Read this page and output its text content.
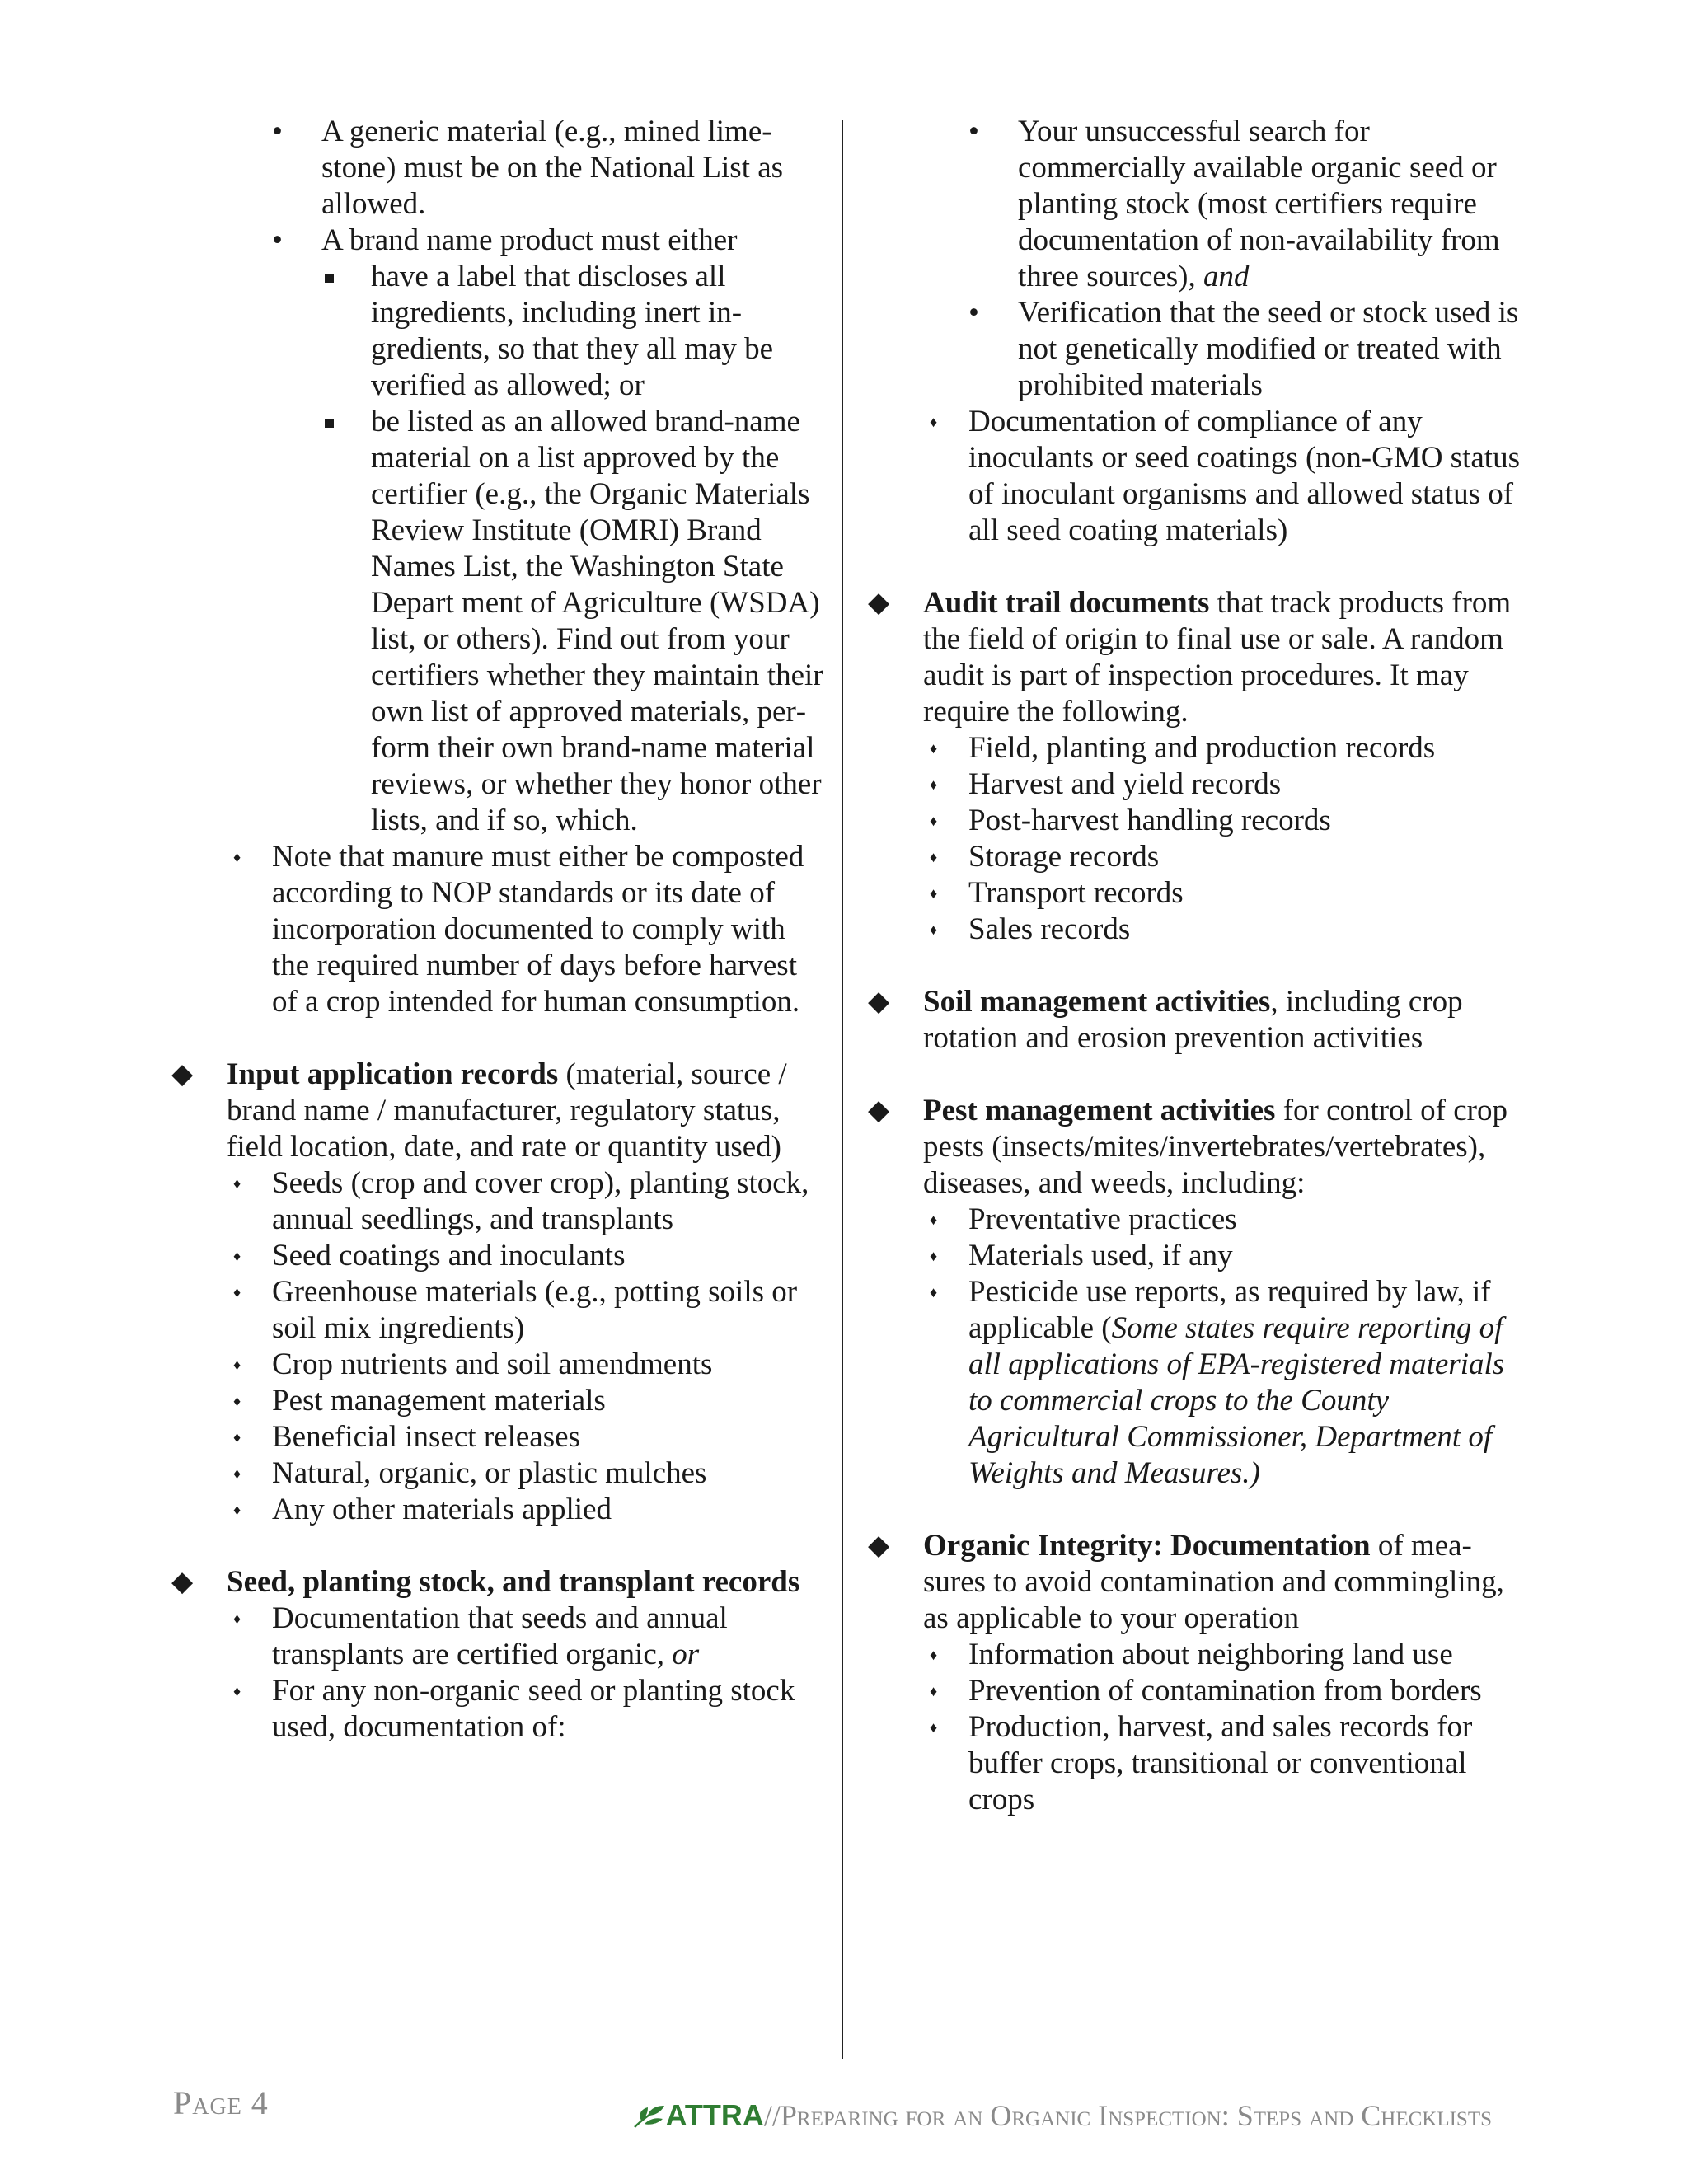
• A generic material (e.g., mined limestone) must be on the National List as allowed.
• A brand name product must either
have a label that discloses all ingredients, including inert ingredients, so that they all may be verified as allowed; or
be listed as an allowed brand-name material on a list approved by the certifier (e.g., the Organic Materials Review Institute (OMRI) Brand Names List, the Washington State Depart ment of Agriculture (WSDA) list, or others). Find out from your certifiers whether they maintain their own list of approved materials, perform their own brand-name material reviews, or whether they honor other lists, and if so, which.
♦ Note that manure must either be composted according to NOP standards or its date of incorporation documented to comply with the required number of days before harvest of a crop intended for human consumption.
◆ Input application records (material, source / brand name / manufacturer, regulatory status, field location, date, and rate or quantity used)
♦ Seeds (crop and cover crop), planting stock, annual seedlings, and transplants
♦ Seed coatings and inoculants
♦ Greenhouse materials (e.g., potting soils or soil mix ingredients)
♦ Crop nutrients and soil amendments
♦ Pest management materials
♦ Beneficial insect releases
♦ Natural, organic, or plastic mulches
♦ Any other materials applied
◆ Seed, planting stock, and transplant records
♦ Documentation that seeds and annual transplants are certified organic, or
♦ For any non-organic seed or planting stock used, documentation of:
• Your unsuccessful search for commercially available organic seed or planting stock (most certifiers require documentation of non-availability from three sources), and
• Verification that the seed or stock used is not genetically modified or treated with prohibited materials
♦ Documentation of compliance of any inoculants or seed coatings (non-GMO status of inoculant organisms and allowed status of all seed coating materials)
◆ Audit trail documents that track products from the field of origin to final use or sale. A random audit is part of inspection procedures. It may require the following.
♦ Field, planting and production records
♦ Harvest and yield records
♦ Post-harvest handling records
♦ Storage records
♦ Transport records
♦ Sales records
◆ Soil management activities, including crop rotation and erosion prevention activities
◆ Pest management activities for control of crop pests (insects/mites/invertebrates/vertebrates), diseases, and weeds, including:
♦ Preventative practices
♦ Materials used, if any
♦ Pesticide use reports, as required by law, if applicable (Some states require reporting of all applications of EPA-registered materials to commercial crops to the County Agricultural Commissioner, Department of Weights and Measures.)
◆ Organic Integrity: Documentation of measures to avoid contamination and commingling, as applicable to your operation
♦ Information about neighboring land use
♦ Prevention of contamination from borders
♦ Production, harvest, and sales records for buffer crops, transitional or conventional crops
Page 4	ATTRA//Preparing for an Organic Inspection: Steps and Checklists
